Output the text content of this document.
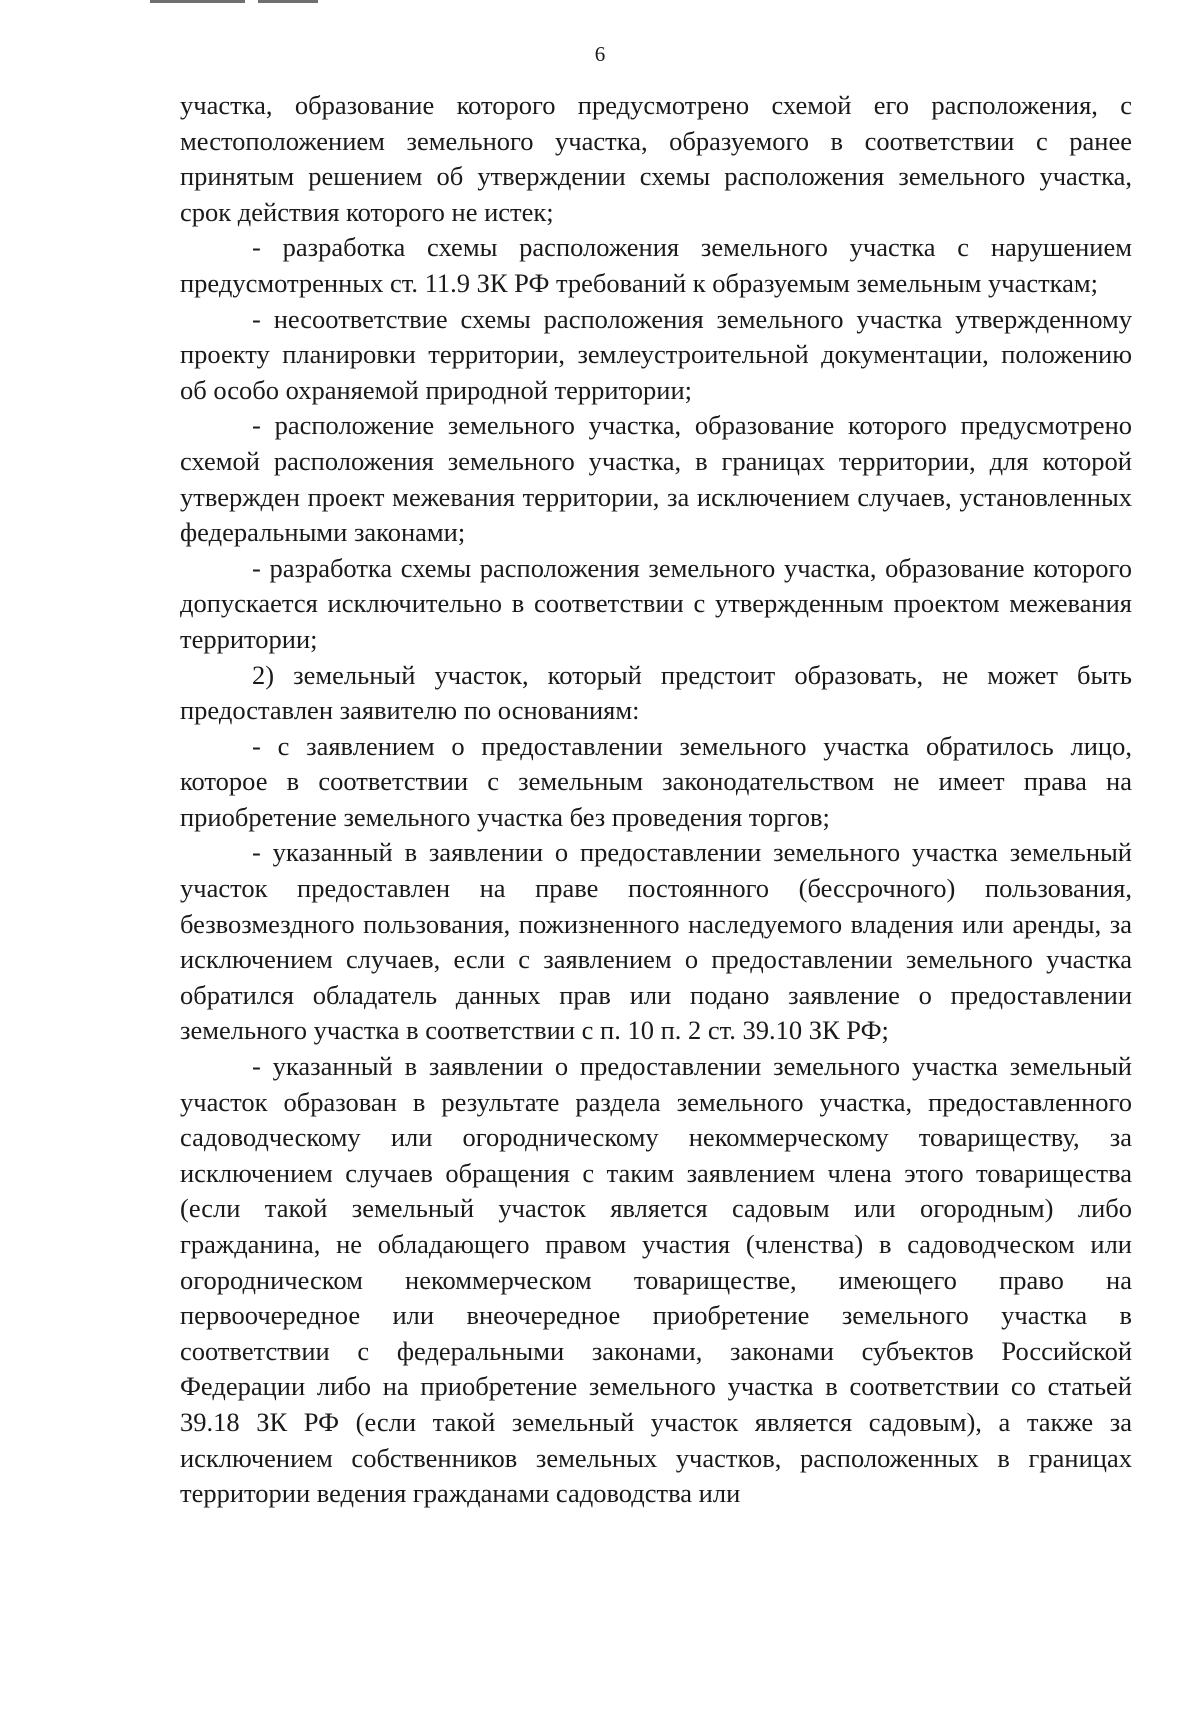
6

участка, образование которого предусмотрено схемой его расположения, с местоположением земельного участка, образуемого в соответствии с ранее принятым решением об утверждении схемы расположения земельного участка, срок действия которого не истек;

- разработка схемы расположения земельного участка с нарушением предусмотренных ст. 11.9 ЗК РФ требований к образуемым земельным участкам;

- несоответствие схемы расположения земельного участка утвержденному проекту планировки территории, землеустроительной документации, положению об особо охраняемой природной территории;

- расположение земельного участка, образование которого предусмотрено схемой расположения земельного участка, в границах территории, для которой утвержден проект межевания территории, за исключением случаев, установленных федеральными законами;

- разработка схемы расположения земельного участка, образование которого допускается исключительно в соответствии с утвержденным проектом межевания территории;

2) земельный участок, который предстоит образовать, не может быть предоставлен заявителю по основаниям:

- с заявлением о предоставлении земельного участка обратилось лицо, которое в соответствии с земельным законодательством не имеет права на приобретение земельного участка без проведения торгов;

- указанный в заявлении о предоставлении земельного участка земельный участок предоставлен на праве постоянного (бессрочного) пользования, безвозмездного пользования, пожизненного наследуемого владения или аренды, за исключением случаев, если с заявлением о предоставлении земельного участка обратился обладатель данных прав или подано заявление о предоставлении земельного участка в соответствии с п. 10 п. 2 ст. 39.10 ЗК РФ;

- указанный в заявлении о предоставлении земельного участка земельный участок образован в результате раздела земельного участка, предоставленного садоводческому или огородническому некоммерческому товариществу, за исключением случаев обращения с таким заявлением члена этого товарищества (если такой земельный участок является садовым или огородным) либо гражданина, не обладающего правом участия (членства) в садоводческом или огородническом некоммерческом товариществе, имеющего право на первоочередное или внеочередное приобретение земельного участка в соответствии с федеральными законами, законами субъектов Российской Федерации либо на приобретение земельного участка в соответствии со статьей 39.18 ЗК РФ (если такой земельный участок является садовым), а также за исключением собственников земельных участков, расположенных в границах территории ведения гражданами садоводства или
